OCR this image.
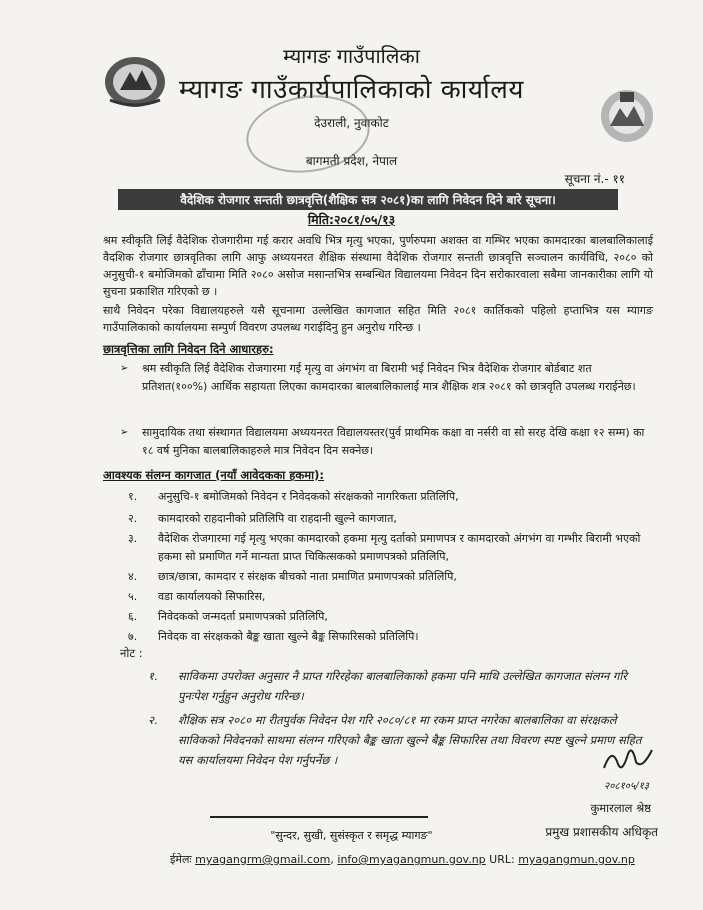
म्यागङ गाउँपालिका
म्यागङ गाउँकार्यपालिकाको कार्यालय
देउराली, नुवाकोट
बागमती प्रदेश, नेपाल
सूचना नं.- ११
वैदेशिक रोजगार सन्तती छात्रवृत्ति(शैक्षिक सत्र २०८१)का लागि निवेदन दिने बारे सूचना।
मिति:२०८१/०५/१३
श्रम स्वीकृति लिई वैदेशिक रोजगारीमा गई करार अवधि भित्र मृत्यु भएका, पुर्णरुपमा अशक्त वा गम्भिर भएका कामदारका बालबालिकालाई वैदशिक रोजगार छात्रवृतिका लागि आफु अध्ययनरत शैक्षिक संस्थामा वैदेशिक रोजगार सन्तती छात्रवृत्ति सञ्चालन कार्यविधि, २०८० को अनुसुची-१ बमोजिमको ढाँचामा मिति २०८० असोज मसान्तभित्र सम्बन्धित विद्यालयमा निवेदन दिन सरोकारवाला सबैमा जानकारीका लागि यो सुचना प्रकाशित गरिएको छ ।
साथै निवेदन परेका विद्यालयहरुले यसै सूचनामा उल्लेखित कागजात सहित मिति २०८१ कार्तिकको पहिलो हप्ताभित्र यस म्यागङ गाउँपालिकाको कार्यालयमा सम्पुर्ण विवरण उपलब्ध गराईदिनु हुन अनुरोध गरिन्छ ।
छात्रवृत्तिका लागि निवेदन दिने आधारहरु:
➢	श्रम स्वीकृति लिई वैदेशिक रोजगारमा गई मृत्यु वा अंगभंग वा बिरामी भई निवेदन भित्र वैदेशिक रोजगार बोर्डबाट शत प्रतिशत(१००%) आर्थिक सहायता लिएका कामदारका बालबालिकालाई मात्र शैक्षिक शत्र २०८१ को छात्रवृति उपलब्ध गराईनेछ।
➢	सामुदायिक तथा संस्थागत विद्यालयमा अध्ययनरत विद्यालयस्तर(पुर्व प्राथमिक कक्षा वा नर्सरी वा सो सरह देखि कक्षा १२ सम्म) का १८ वर्ष मुनिका बालबालिकाहरुले मात्र निवेदन दिन सक्नेछ।
आवश्यक संलग्न कागजात (नयाँ आवेदकका हकमा):
१.	अनुसुचि-१ बमोजिमको निवेदन र निवेदकको संरक्षकको नागरिकता प्रतिलिपि,
२.	कामदारको राहदानीको प्रतिलिपि वा राहदानी खुल्ने कागजात,
३.	वैदेशिक रोजगारमा गई मृत्यु भएका कामदारको हकमा मृत्यु दर्ताको प्रमाणपत्र र कामदारको अंगभंग वा गम्भीर बिरामी भएको हकमा सो प्रमाणित गर्ने मान्यता प्राप्त चिकित्सकको प्रमाणपत्रको प्रतिलिपि,
४.	छात्र/छात्रा, कामदार र संरक्षक बीचको नाता प्रमाणित प्रमाणपत्रको प्रतिलिपि,
५.	वडा कार्यालयको सिफारिस,
६.	निवेदकको जन्मदर्ता प्रमाणपत्रको प्रतिलिपि,
७.	निवेदक वा संरक्षकको बैङ्क खाता खुल्ने बैङ्क सिफारिसको प्रतिलिपि।
नोट :
१.	साविकमा उपरोक्त अनुसार नै प्राप्त गरिरहेका बालबालिकाको हकमा पनि माथि उल्लेखित कागजात संलग्न गरि पुनःपेश गर्नुहुन अनुरोध गरिन्छ।
२.	शैक्षिक सत्र २०८० मा रीतपुर्वक निवेदन पेश गरि २०८०/८१ मा रकम प्राप्त नगरेका बालबालिका वा संरक्षकले साविकको निवेदनको साथमा संलग्न गरिएको बैङ्क खाता खुल्ने बैङ्क सिफारिस तथा विवरण स्पष्ट खुल्ने प्रमाण सहित यस कार्यालयमा निवेदन पेश गर्नुपर्नेछ ।
२०८१०५/१३
कुमारलाल श्रेष्ठ
प्रमुख प्रशासकीय अधिकृत
"सुन्दर, सुखी, सुसंस्कृत र समृद्ध म्यागङ"
ईमेलः myagangrm@gmail.com, info@myagangmun.gov.np URL: myagangmun.gov.np
